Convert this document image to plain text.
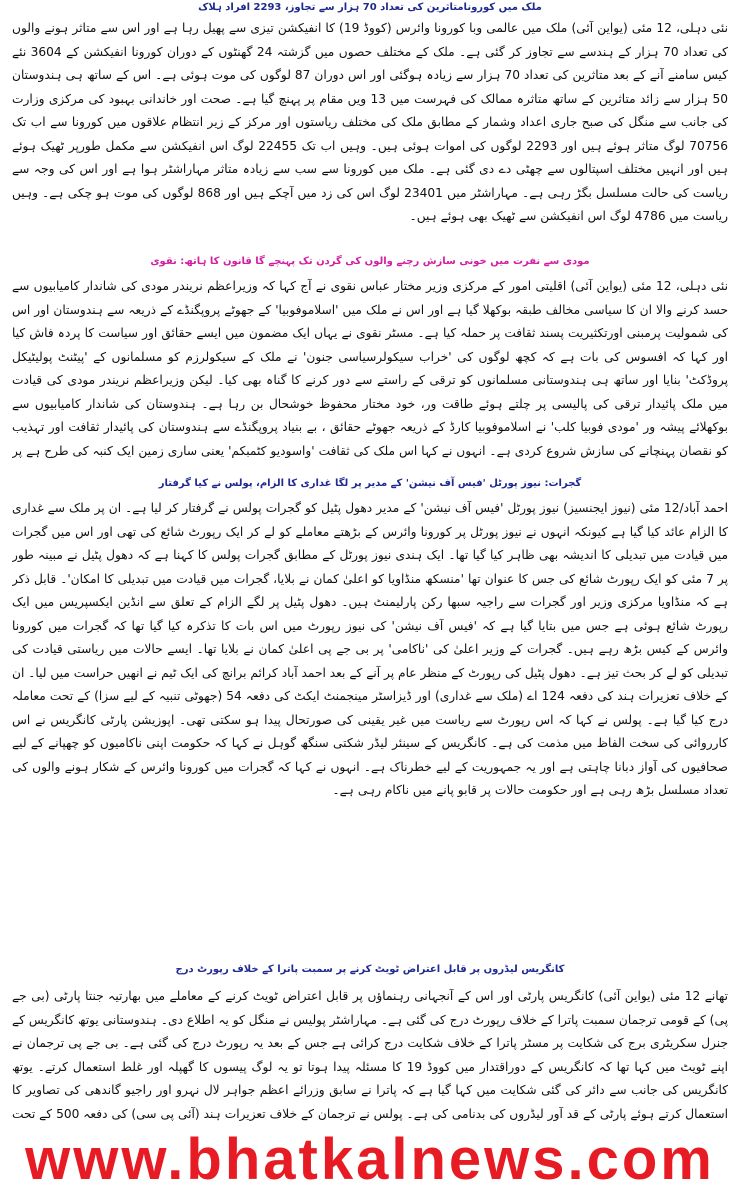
ملک میں کورونامتاثرین کی تعداد 70 ہزار سے تجاوز، 2293 افراد ہلاک

نئی دہلی، 12 مئی (یواین آئی) ملک میں عالمی وبا کورونا وائرس (کووڈ 19) کا انفیکشن تیزی سے پھیل رہا ہے اور اس سے متاثر ہونے والوں کی تعداد 70 ہزار کے ہندسے سے تجاوز کر گئی ہے۔ ملک کے مختلف حصوں میں گزشتہ 24 گھنٹوں کے دوران کورونا انفیکشن کے 3604 نئے کیس سامنے آنے کے بعد متاثرین کی تعداد 70 ہزار سے زیادہ ہوگئی اور اس دوران 87 لوگوں کی موت ہوئی ہے۔ اس کے ساتھ ہی ہندوستان 50 ہزار سے زائد متاثرین کے ساتھ متاثرہ ممالک کی فہرست میں 13 ویں مقام پر پہنچ گیا ہے۔ صحت اور خاندانی بہبود کی مرکزی وزارت کی جانب سے منگل کی صبح جاری اعداد وشمار کے مطابق ملک کی مختلف ریاستوں اور مرکز کے زیر انتظام علاقوں میں کورونا سے اب تک 70756 لوگ متاثر ہوئے ہیں اور 2293 لوگوں کی اموات ہوئی ہیں۔ وہیں اب تک 22455 لوگ اس انفیکشن سے مکمل طورپر ٹھیک ہوئے ہیں اور انہیں مختلف اسپتالوں سے چھٹی دے دی گئی ہے۔ ملک میں کورونا سے سب سے زیادہ متاثر مہاراشٹر ہوا ہے اور اس کی وجہ سے ریاست کی حالت مسلسل بگڑ رہی ہے۔ مہاراشٹر میں 23401 لوگ اس کی زد میں آچکے ہیں اور 868 لوگوں کی موت ہو چکی ہے۔ وہیں ریاست میں 4786 لوگ اس انفیکشن سے ٹھیک بھی ہوئے ہیں۔

مودی سے نفرت میں خونی سازش رچنے والوں کی گردن تک پہنچے گا قانون کا ہاتھ: نقوی

نئی دہلی، 12 مئی (یواین آئی) اقلیتی امور کے مرکزی وزیر مختار عباس نقوی نے آج کہا کہ وزیراعظم نریندر مودی کی شاندار کامیابیوں سے حسد کرنے والا ان کا سیاسی مخالف طبقہ بوکھلا گیا ہے اور اس نے ملک میں 'اسلاموفوبیا' کے جھوٹے پروپگنڈے کے ذریعہ سے ہندوستان اور اس کی شمولیت پرمبنی اورتکثیریت پسند ثقافت پر حملہ کیا ہے۔ مسٹر نقوی نے یہاں ایک مضمون میں ایسے حقائق اور سیاست کا پردہ فاش کیا اور کہا کہ افسوس کی بات ہے کہ کچھ لوگوں کی 'خراب سیکولرسیاسی جنون' نے ملک کے سیکولرزم کو مسلمانوں کے 'پیٹنٹ پولیٹیکل پروڈکٹ' بنایا اور ساتھ ہی ہندوستانی مسلمانوں کو ترقی کے راستے سے دور کرنے کا گناہ بھی کیا۔ لیکن وزیراعظم نریندر مودی کی قیادت میں ملک پائیدار ترقی کی پالیسی پر چلتے ہوئے طاقت ور، خود مختار محفوظ خوشحال بن رہا ہے۔ ہندوستان کی شاندار کامیابیوں سے بوکھلائے پیشہ ور 'مودی فوبیا کلب' نے اسلاموفوبیا کارڈ کے ذریعہ جھوٹے حقائق ، بے بنیاد پروپگنڈے سے ہندوستان کی پائیدار ثقافت اور تہذیب کو نقصان پہنچانے کی سازش شروع کردی ہے۔ انہوں نے کہا اس ملک کی ثقافت 'واسودیو کٹمبکم' یعنی ساری زمین ایک کنبہ کی طرح ہے پر

گجرات: نیوز پورٹل 'فیس آف نیشن' کے مدیر پر لگا غداری کا الزام، پولس نے کیا گرفتار

احمد آباد/12 مئی (نیوز ایجنسیز) نیوز پورٹل 'فیس آف نیشن' کے مدیر دھول پٹیل کو گجرات پولس نے گرفتار کر لیا ہے۔ ان پر ملک سے غداری کا الزام عائد کیا گیا ہے کیونکہ انہوں نے نیوز پورٹل پر کورونا وائرس کے بڑھتے معاملے کو لے کر ایک رپورٹ شائع کی تھی اور اس میں گجرات میں قیادت میں تبدیلی کا اندیشہ بھی ظاہر کیا گیا تھا۔ ایک ہندی نیوز پورٹل کے مطابق گجرات پولس کا کہنا ہے کہ دھول پٹیل نے مبینہ طور پر 7 مئی کو ایک رپورٹ شائع کی جس کا عنوان تھا 'منسکھ منڈاویا کو اعلیٰ کمان نے بلایا، گجرات میں قیادت میں تبدیلی کا امکان'۔ قابل ذکر ہے کہ منڈاویا مرکزی وزیر اور گجرات سے راجیہ سبھا رکن پارلیمنٹ ہیں۔ دھول پٹیل پر لگے الزام کے تعلق سے انڈین ایکسپریس میں ایک رپورٹ شائع ہوئی ہے جس میں بتایا گیا ہے کہ 'فیس آف نیشن' کی نیوز رپورٹ میں اس بات کا تذکرہ کیا گیا تھا کہ گجرات میں کورونا وائرس کے کیس بڑھ رہے ہیں۔ گجرات کے وزیر اعلیٰ کی 'ناکامی' پر بی جے پی اعلیٰ کمان نے بلایا تھا۔ ایسے حالات میں ریاستی قیادت کی تبدیلی کو لے کر بحث تیز ہے۔ دھول پٹیل کی رپورٹ کے منظر عام پر آنے کے بعد احمد آباد کرائم برانچ کی ایک ٹیم نے انھیں حراست میں لیا۔ ان کے خلاف تعزیرات ہند کی دفعہ 124 اے (ملک سے غداری) اور ڈیزاسٹر مینجمنٹ ایکٹ کی دفعہ 54 (جھوٹی تنبیہ کے لیے سزا) کے تحت معاملہ درج کیا گیا ہے۔ پولس نے کہا کہ اس رپورٹ سے ریاست میں غیر یقینی کی صورتحال پیدا ہو سکتی تھی۔ اپوزیشن پارٹی کانگریس نے اس کارروائی کی سخت الفاظ میں مذمت کی ہے۔ کانگریس کے سینئر لیڈر شکتی سنگھ گوہل نے کہا کہ حکومت اپنی ناکامیوں کو چھپانے کے لیے صحافیوں کی آواز دبانا چاہتی ہے اور یہ جمہوریت کے لیے خطرناک ہے۔ انہوں نے کہا کہ گجرات میں کورونا وائرس کے شکار ہونے والوں کی تعداد مسلسل بڑھ رہی ہے اور حکومت حالات پر قابو پانے میں ناکام رہی ہے۔

کانگریس لیڈروں پر قابل اعتراض ٹویٹ کرنے پر سمبت پاترا کے خلاف رپورٹ درج

تھانے 12 مئی (یواین آئی) کانگریس پارٹی اور اس کے آنجہانی رہنماؤں پر قابل اعتراض ٹویٹ کرنے کے معاملے میں بھارتیہ جنتا پارٹی (بی جے پی) کے قومی ترجمان سمبت پاترا کے خلاف رپورٹ درج کی گئی ہے۔ مہاراشٹر پولیس نے منگل کو یہ اطلاع دی۔ ہندوستانی یوتھ کانگریس کے جنرل سکریٹری برج کی شکایت پر مسٹر پاترا کے خلاف شکایت درج کرائی ہے جس کے بعد یہ رپورٹ درج کی گئی ہے۔ بی جے پی ترجمان نے اپنے ٹویٹ میں کہا تھا کہ کانگریس کے دوراقتدار میں کووڈ 19 کا مسئلہ پیدا ہوتا تو یہ لوگ پیسوں کا گھپلہ اور غلط استعمال کرتے۔ یوتھ کانگریس کی جانب سے دائر کی گئی شکایت میں کہا گیا ہے کہ پاترا نے سابق وزرائے اعظم جواہر لال نہرو اور راجیو گاندھی کی تصاویر کا استعمال کرتے ہوئے پارٹی کے قد آور لیڈروں کی بدنامی کی ہے۔ پولس نے ترجمان کے خلاف تعزیرات ہند (آئی پی سی) کی دفعہ 500 کے تحت

www.bhatkalnews.com
